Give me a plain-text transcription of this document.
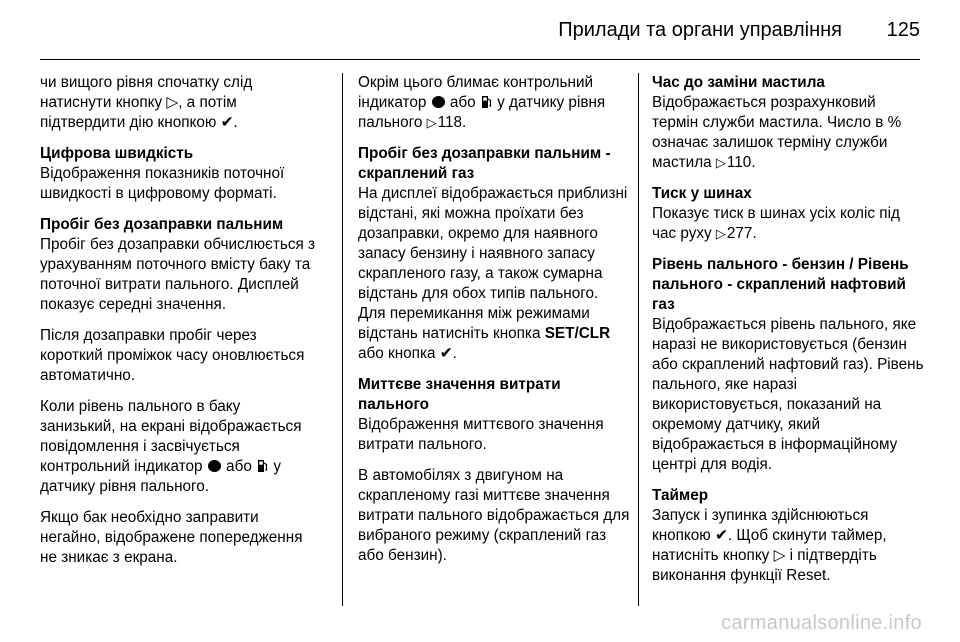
Прилади та органи управління 125

чи вищого рівня спочатку слід натиснути кнопку ▷, а потім підтвердити дію кнопкою ✔.

Цифрова швидкість
Відображення показників поточної швидкості в цифровому форматі.

Пробіг без дозаправки пальним
Пробіг без дозаправки обчислюється з урахуванням поточного вмісту баку та поточної витрати пального. Дисплей показує середні значення.

Після дозаправки пробіг через короткий проміжок часу оновлюється автоматично.

Коли рівень пального в баку занизький, на екрані відображається повідомлення і засвічується контрольний індикатор  або  у датчику рівня пального.

Якщо бак необхідно заправити негайно, відображене попередження не зникає з екрана.

Окрім цього блимає контрольний індикатор  або  у датчику рівня пального ▷118.

Пробіг без дозаправки пальним - скраплений газ
На дисплеї відображається приблизні відстані, які можна проїхати без дозаправки, окремо для наявного запасу бензину і наявного запасу скрапленого газу, а також сумарна відстань для обох типів пального. Для перемикання між режимами відстань натисніть кнопка SET/CLR або кнопка ✔.

Миттєве значення витрати пального
Відображення миттєвого значення витрати пального.

В автомобілях з двигуном на скрапленому газі миттєве значення витрати пального відображається для вибраного режиму (скраплений газ або бензин).

Час до заміни мастила
Відображається розрахунковий термін служби мастила. Число в % означає залишок терміну служби мастила ▷110.

Тиск у шинах
Показує тиск в шинах усіх коліс під час руху ▷277.

Рівень пального - бензин / Рівень пального - скраплений нафтовий газ
Відображається рівень пального, яке наразі не використовується (бензин або скраплений нафтовий газ). Рівень пального, яке наразі використовується, показаний на окремому датчику, який відображається в інформаційному центрі для водія.

Таймер
Запуск і зупинка здійснюються кнопкою ✔. Щоб скинути таймер, натисніть кнопку ▷ і підтвердіть виконання функції Reset.

carmanualsonline.info
